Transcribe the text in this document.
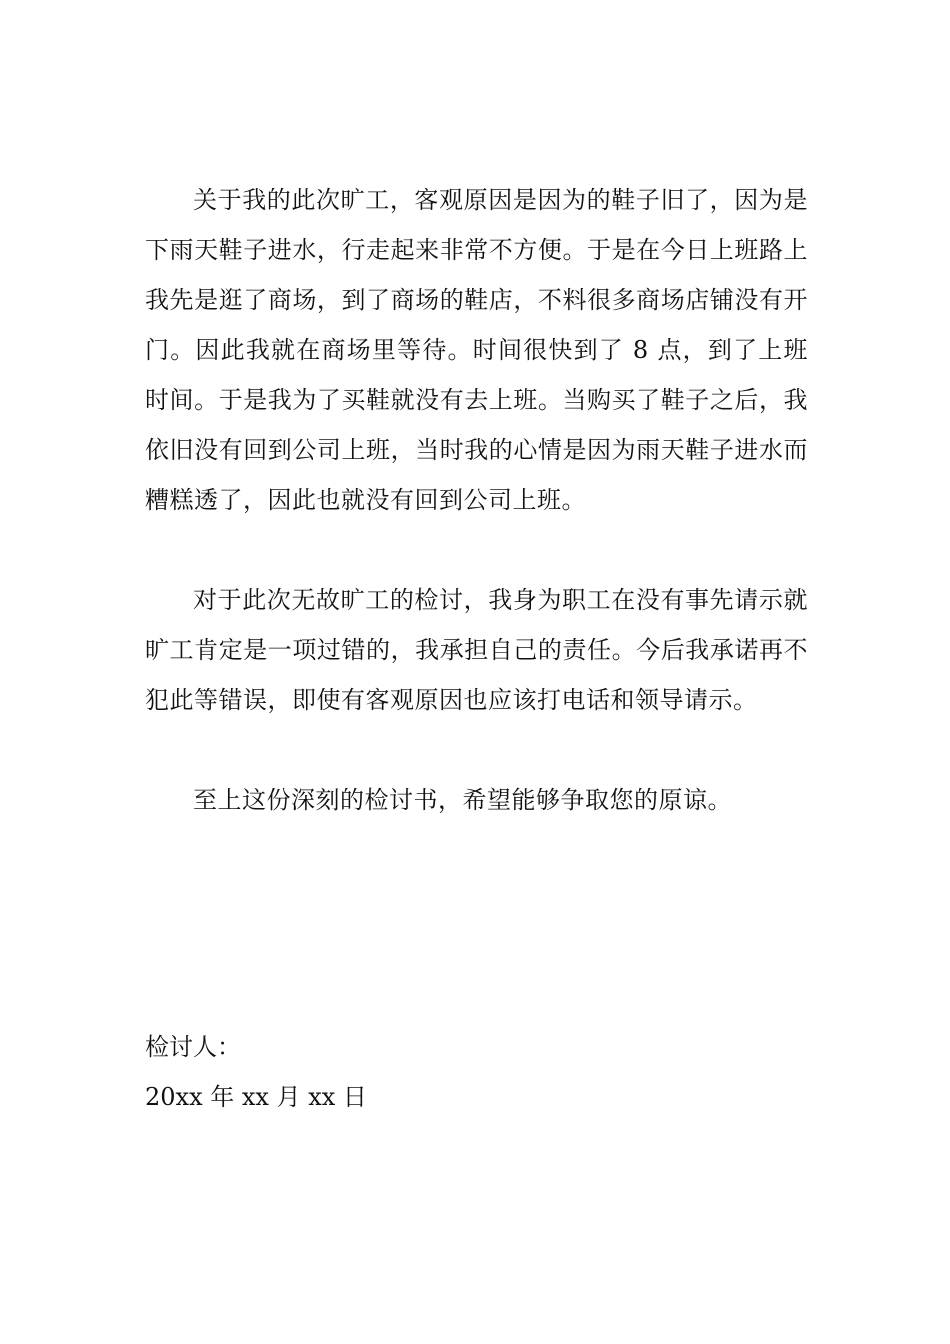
关于我的此次旷工，客观原因是因为的鞋子旧了，因为是下雨天鞋子进水，行走起来非常不方便。于是在今日上班路上我先是逛了商场，到了商场的鞋店，不料很多商场店铺没有开门。因此我就在商场里等待。时间很快到了 8 点，到了上班时间。于是我为了买鞋就没有去上班。当购买了鞋子之后，我依旧没有回到公司上班，当时我的心情是因为雨天鞋子进水而糟糕透了，因此也就没有回到公司上班。

对于此次无故旷工的检讨，我身为职工在没有事先请示就旷工肯定是一项过错的，我承担自己的责任。今后我承诺再不犯此等错误，即使有客观原因也应该打电话和领导请示。

至上这份深刻的检讨书，希望能够争取您的原谅。

检讨人：

20xx 年 xx 月 xx 日
